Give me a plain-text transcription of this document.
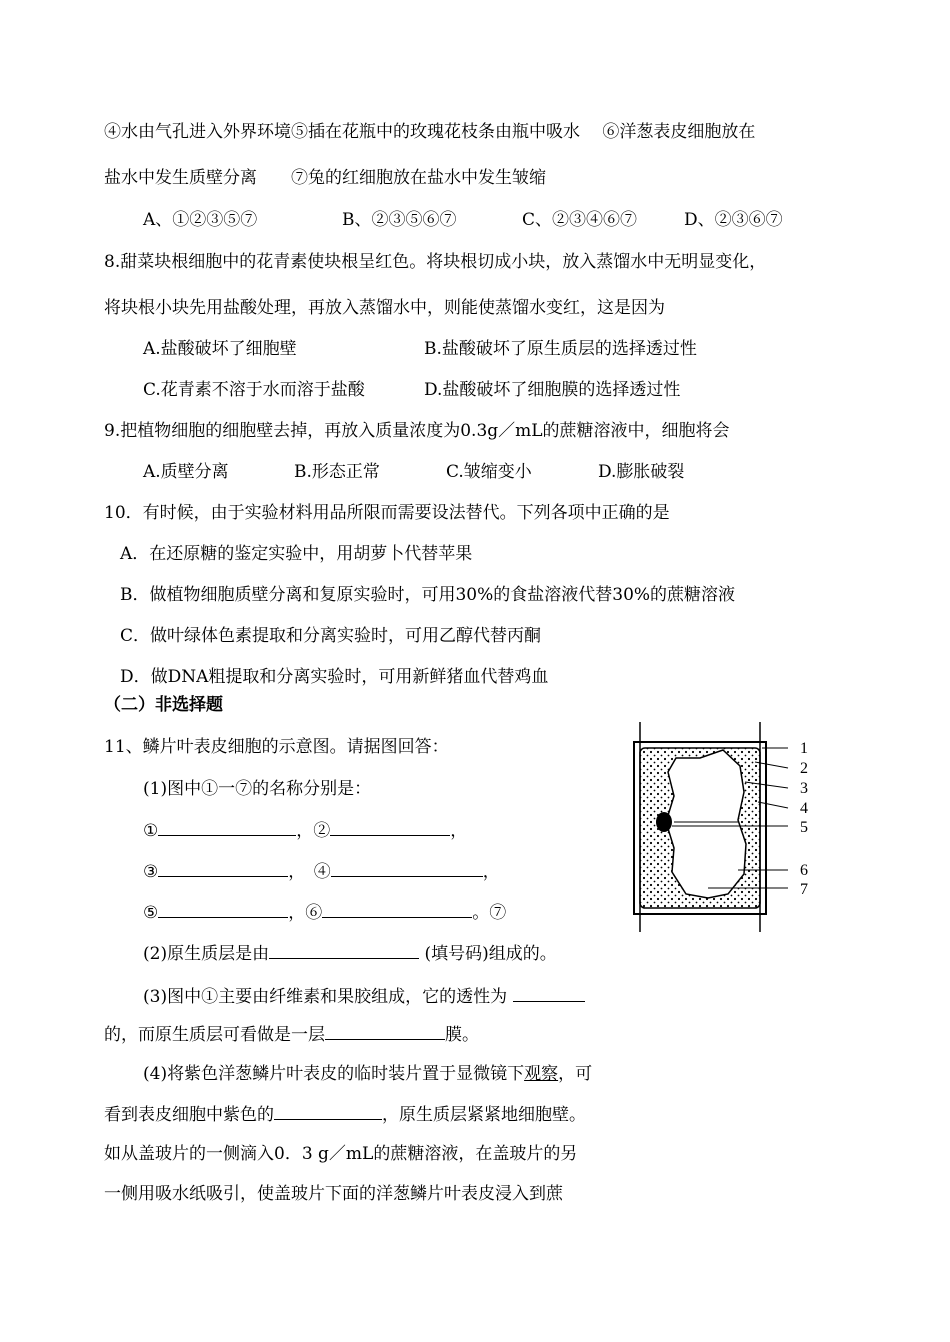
④水由气孔进入外界环境⑤插在花瓶中的玫瑰花枝条由瓶中吸水　 ⑥洋葱表皮细胞放在
盐水中发生质壁分离　　⑦兔的红细胞放在盐水中发生皱缩
A、①②③⑤⑦	B、②③⑤⑥⑦	C、②③④⑥⑦	D、②③⑥⑦
8.甜菜块根细胞中的花青素使块根呈红色。将块根切成小块，放入蒸馏水中无明显变化，
将块根小块先用盐酸处理，再放入蒸馏水中，则能使蒸馏水变红，这是因为
A.盐酸破坏了细胞壁	B.盐酸破坏了原生质层的选择透过性
C.花青素不溶于水而溶于盐酸	D.盐酸破坏了细胞膜的选择透过性
9.把植物细胞的细胞壁去掉，再放入质量浓度为0.3g／mL的蔗糖溶液中，细胞将会
A.质壁分离	B.形态正常	C.皱缩变小	D.膨胀破裂
10．有时候，由于实验材料用品所限而需要设法替代。下列各项中正确的是
A．在还原糖的鉴定实验中，用胡萝卜代替苹果
B．做植物细胞质壁分离和复原实验时，可用30%的食盐溶液代替30%的蔗糖溶液
C．做叶绿体色素提取和分离实验时，可用乙醇代替丙酮
D．做DNA粗提取和分离实验时，可用新鲜猪血代替鸡血
（二）非选择题
11、鳞片叶表皮细胞的示意图。请据图回答：
(1)图中①一⑦的名称分别是：
①	，②	，
③	，　④	，
⑤	，⑥	。⑦
(2)原生质层是由	(填号码)组成的。
(3)图中①主要由纤维素和果胶组成，它的透性为
的，而原生质层可看做是一层	膜。
(4)将紫色洋葱鳞片叶表皮的临时装片置于显微镜下观察，可
看到表皮细胞中紫色的	，原生质层紧紧地细胞壁。
如从盖玻片的一侧滴入0．3 g／mL的蔗糖溶液，在盖玻片的另
一侧用吸水纸吸引，使盖玻片下面的洋葱鳞片叶表皮浸入到蔗
1
2
3
4
5
6
7
